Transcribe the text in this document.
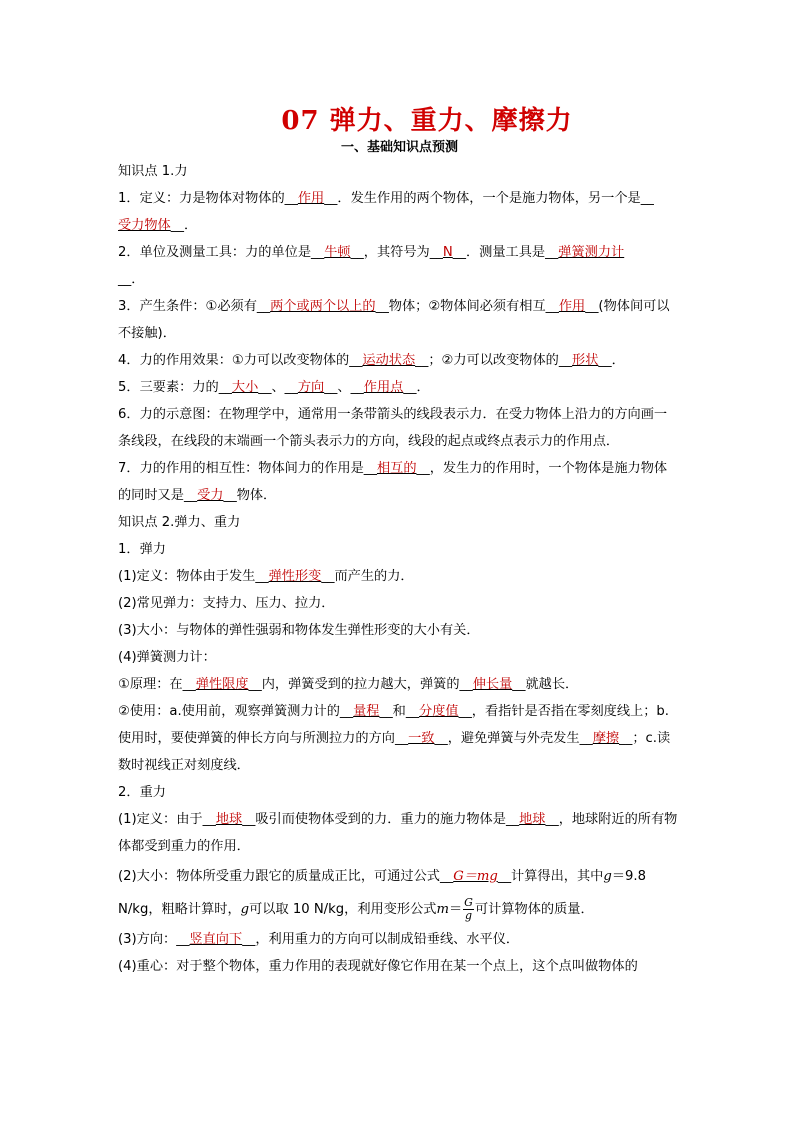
07 弹力、重力、摩擦力
一、基础知识点预测
知识点 1.力
1．定义：力是物体对物体的__作用__．发生作用的两个物体，一个是施力物体，另一个是__
受力物体__．
2．单位及测量工具：力的单位是__牛顿__，其符号为__N__．测量工具是__弹簧测力计
__．
3．产生条件：①必须有__两个或两个以上的__物体；②物体间必须有相互__作用__(物体间可以不接触)．
4．力的作用效果：①力可以改变物体的__运动状态__；②力可以改变物体的__形状__．
5．三要素：力的__大小__、__方向__、__作用点__．
6．力的示意图：在物理学中，通常用一条带箭头的线段表示力．在受力物体上沿力的方向画一条线段，在线段的末端画一个箭头表示力的方向，线段的起点或终点表示力的作用点．
7．力的作用的相互性：物体间力的作用是__相互的__，发生力的作用时，一个物体是施力物体的同时又是__受力__物体．
知识点 2.弹力、重力
1．弹力
(1)定义：物体由于发生__弹性形变__而产生的力．
(2)常见弹力：支持力、压力、拉力．
(3)大小：与物体的弹性强弱和物体发生弹性形变的大小有关．
(4)弹簧测力计：
①原理：在__弹性限度__内，弹簧受到的拉力越大，弹簧的__伸长量__就越长．
②使用：a.使用前，观察弹簧测力计的__量程__和__分度值__，看指针是否指在零刻度线上；b.使用时，要使弹簧的伸长方向与所测拉力的方向__一致__，避免弹簧与外壳发生__摩擦__；c.读数时视线正对刻度线．
2．重力
(1)定义：由于__地球__吸引而使物体受到的力．重力的施力物体是__地球__，地球附近的所有物体都受到重力的作用．
(2)大小：物体所受重力跟它的质量成正比，可通过公式__G＝mg__计算得出，其中g＝9.8 N/kg，粗略计算时，g可以取 10 N/kg，利用变形公式$m= \frac{G}{g}$ 可计算物体的质量．
(3)方向：__竖直向下__，利用重力的方向可以制成铅垂线、水平仪．
(4)重心：对于整个物体，重力作用的表现就好像它作用在某一个点上，这个点叫做物体的
